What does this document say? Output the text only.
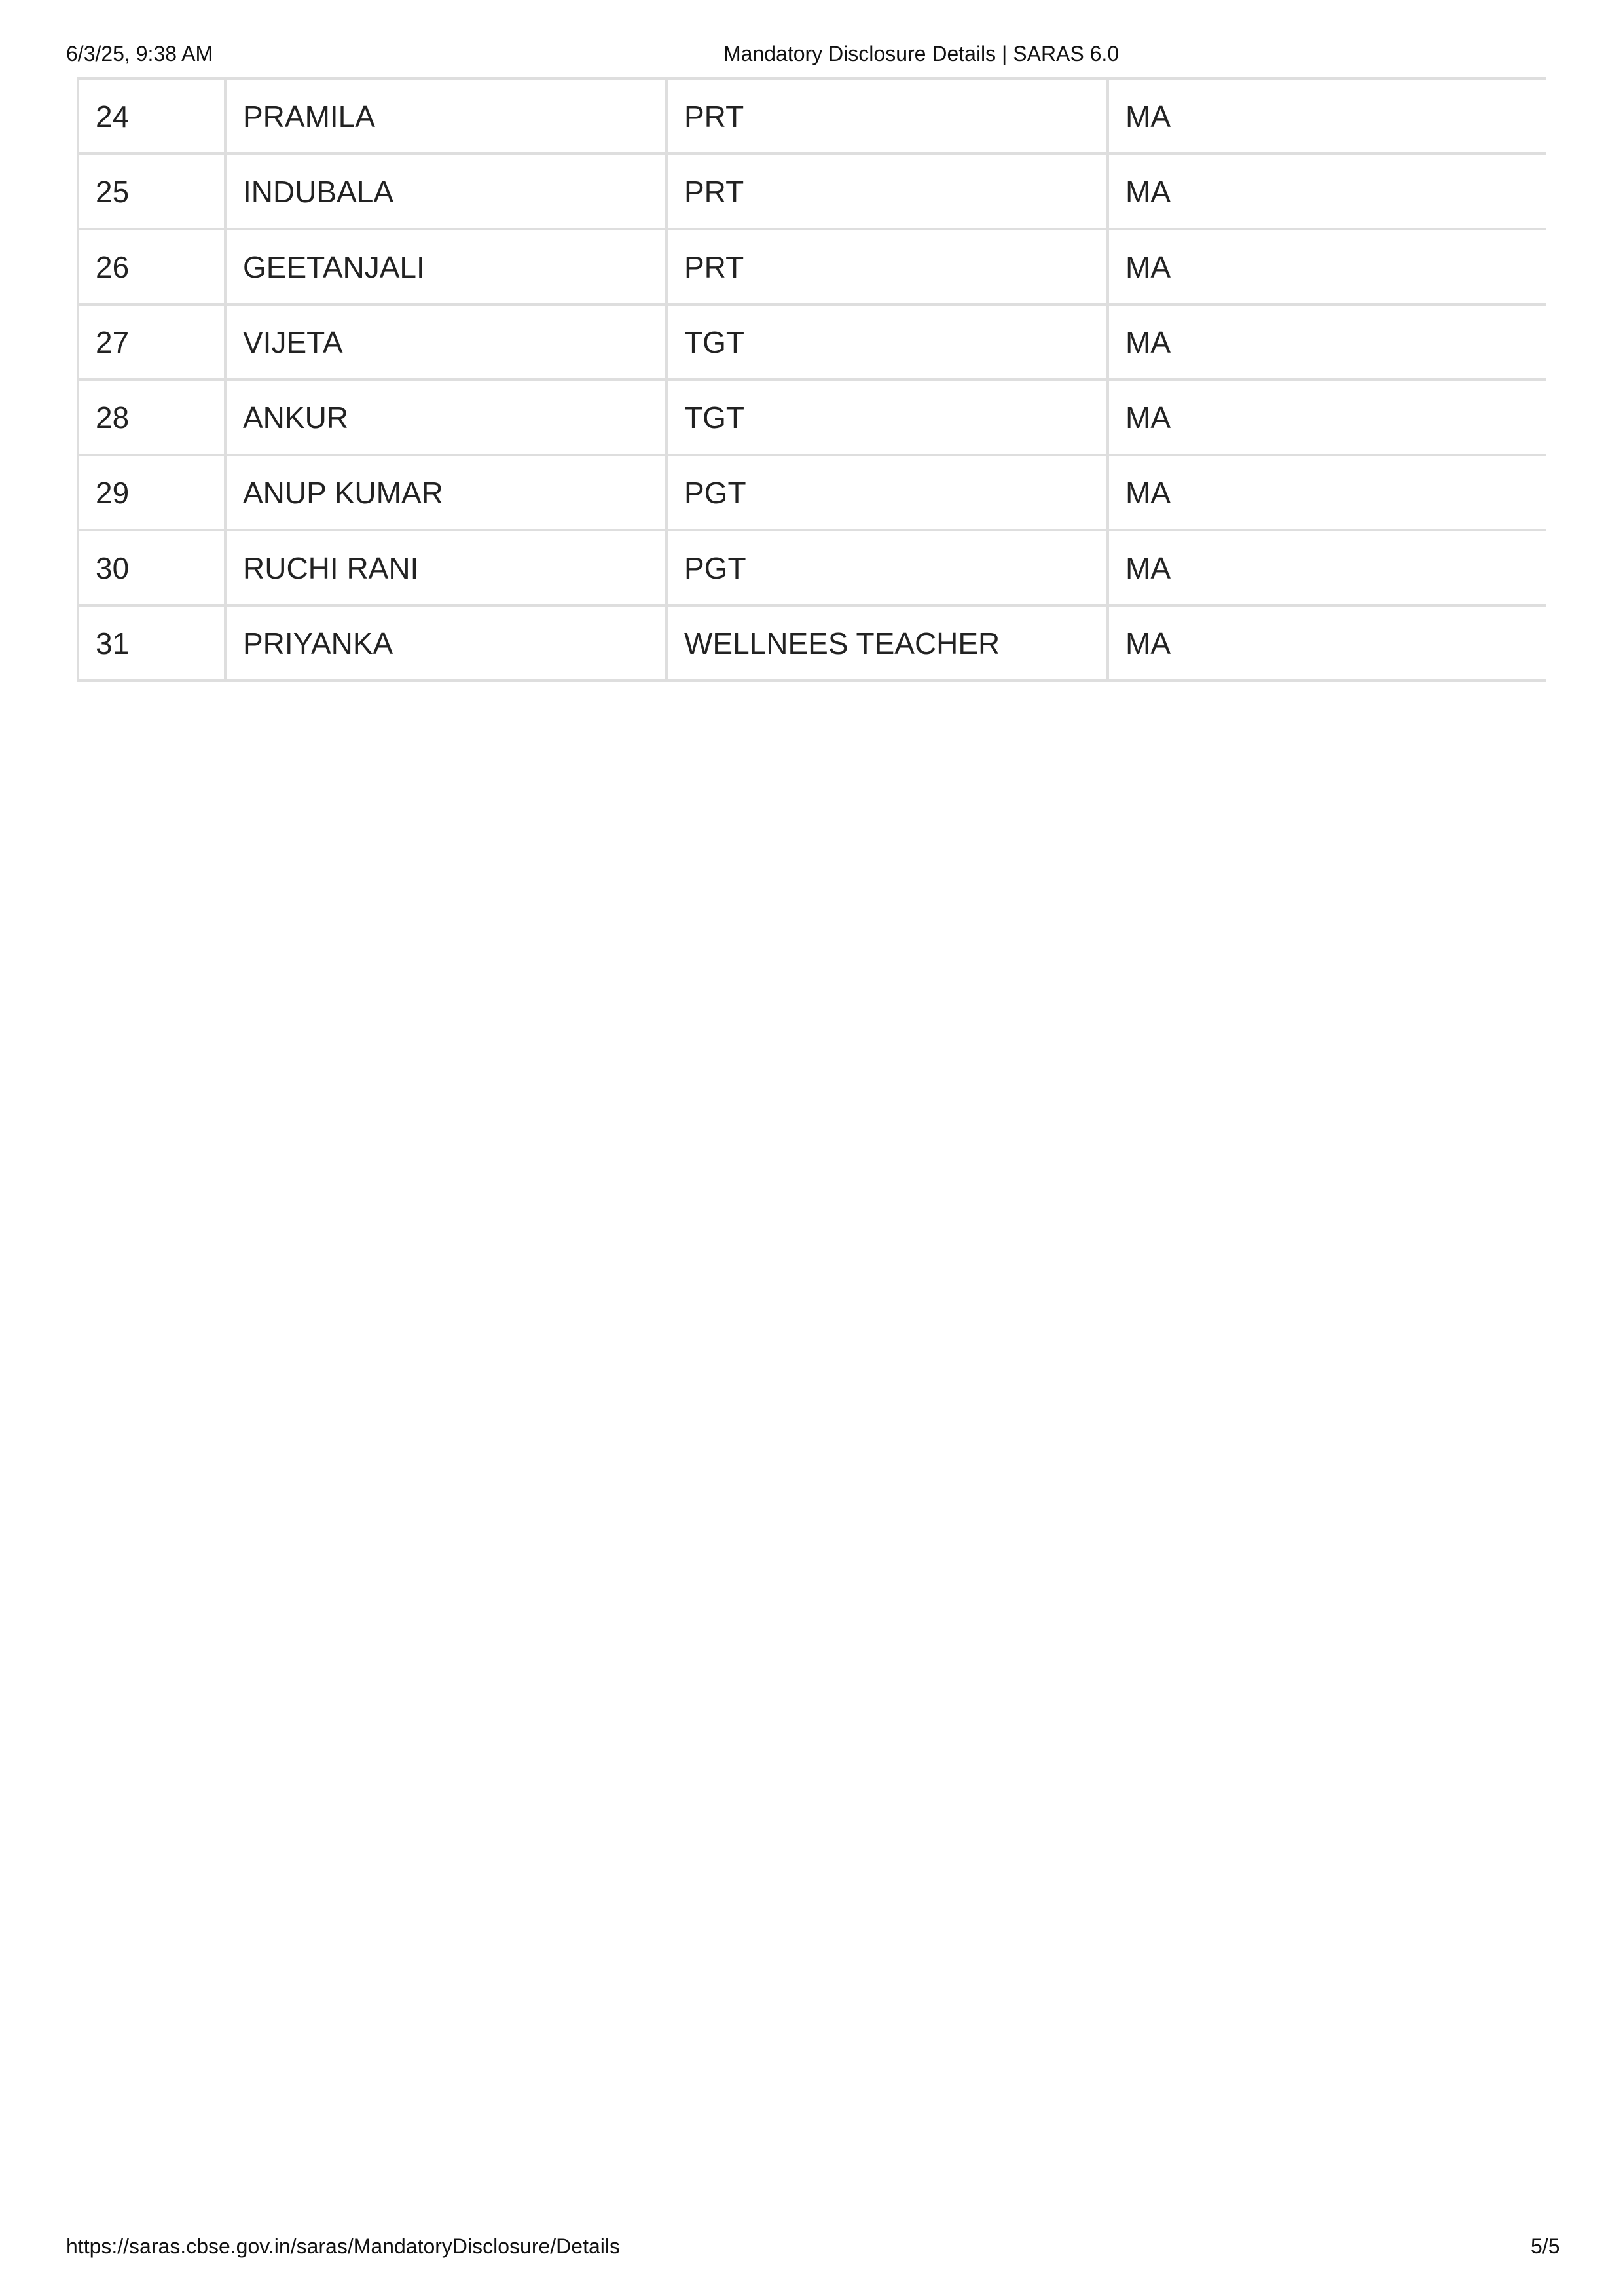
6/3/25, 9:38 AM	Mandatory Disclosure Details | SARAS 6.0
24	PRAMILA	PRT	MA
25	INDUBALA	PRT	MA
26	GEETANJALI	PRT	MA
27	VIJETA	TGT	MA
28	ANKUR	TGT	MA
29	ANUP KUMAR	PGT	MA
30	RUCHI RANI	PGT	MA
31	PRIYANKA	WELLNEES TEACHER	MA
https://saras.cbse.gov.in/saras/MandatoryDisclosure/Details	5/5
